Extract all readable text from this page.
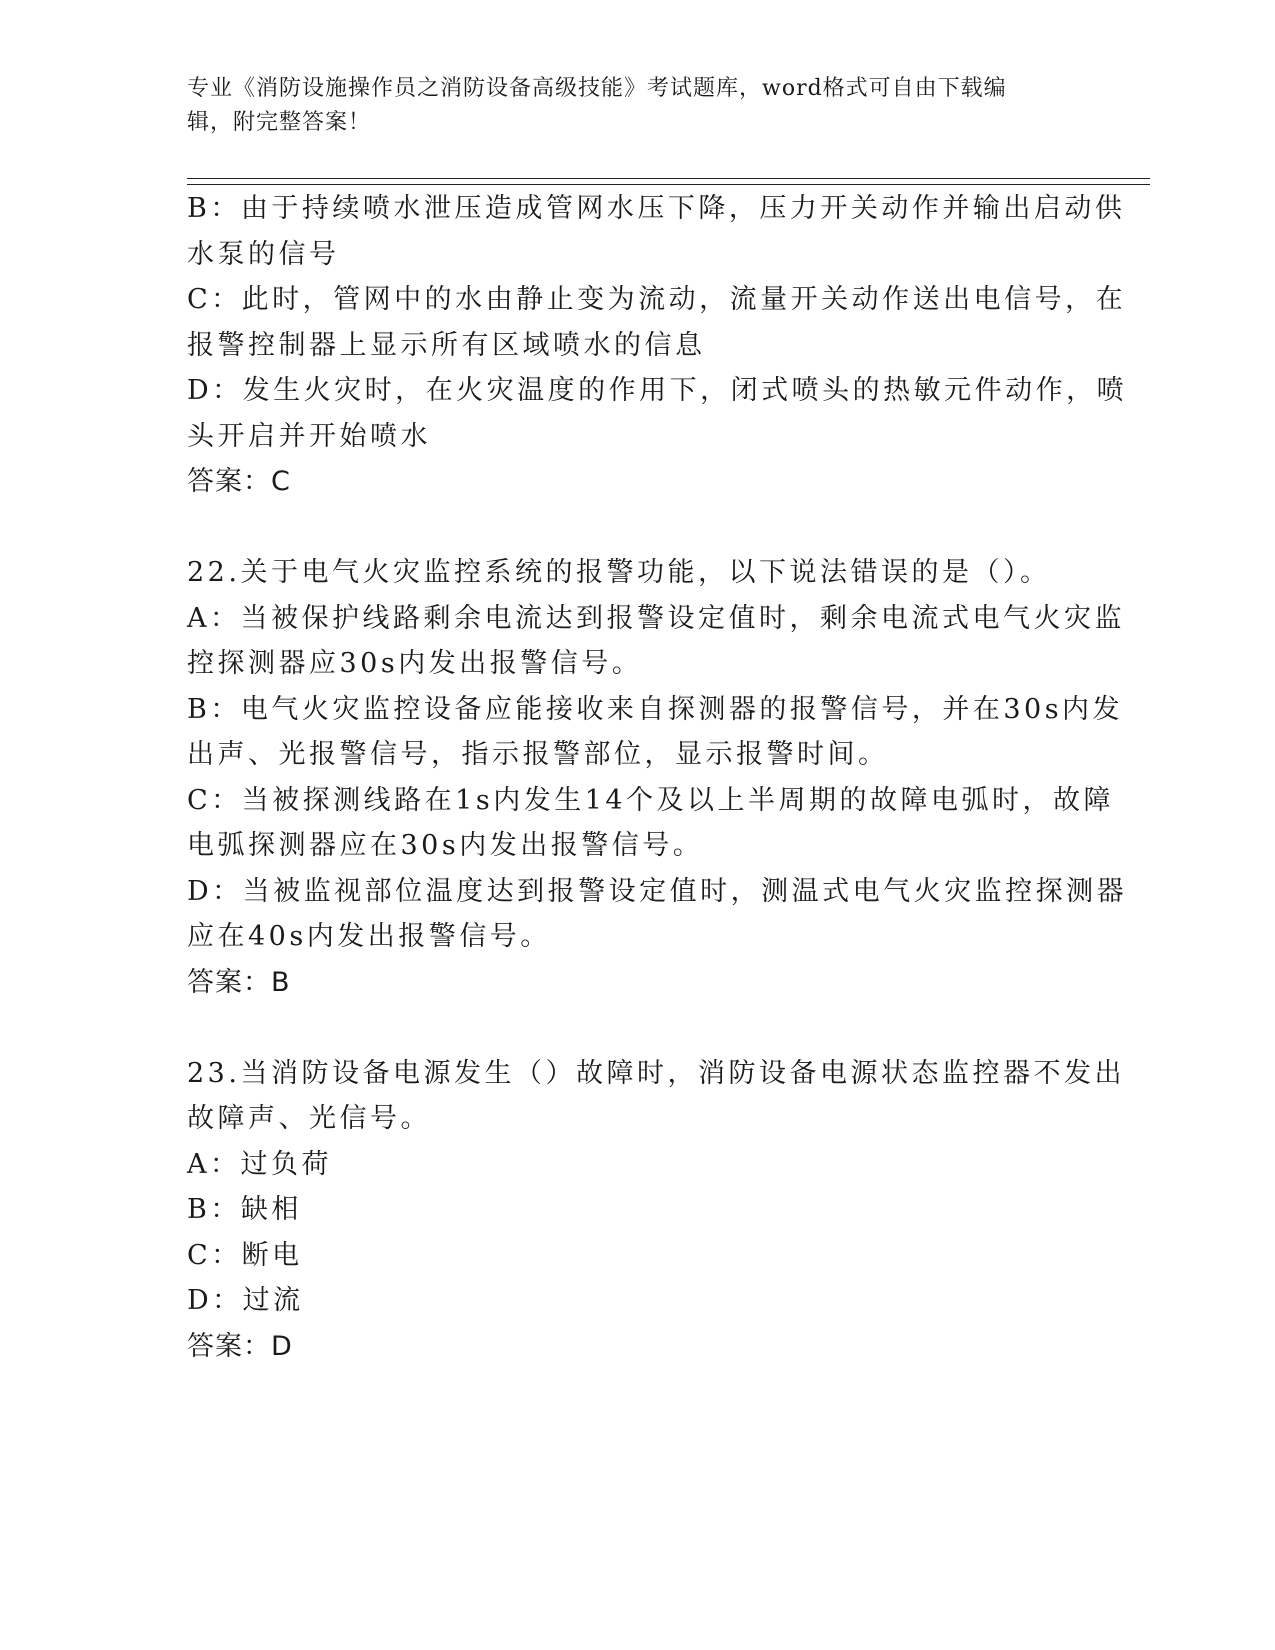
专业《消防设施操作员之消防设备高级技能》考试题库，word格式可自由下载编
辑，附完整答案！
B：由于持续喷水泄压造成管网水压下降，压力开关动作并输出启动供
水泵的信号
C：此时，管网中的水由静止变为流动，流量开关动作送出电信号，在
报警控制器上显示所有区域喷水的信息
D：发生火灾时，在火灾温度的作用下，闭式喷头的热敏元件动作，喷
头开启并开始喷水
答案：C
22.关于电气火灾监控系统的报警功能，以下说法错误的是（）。
A：当被保护线路剩余电流达到报警设定值时，剩余电流式电气火灾监
控探测器应30s内发出报警信号。
B：电气火灾监控设备应能接收来自探测器的报警信号，并在30s内发
出声、光报警信号，指示报警部位，显示报警时间。
C：当被探测线路在1s内发生14个及以上半周期的故障电弧时，故障
电弧探测器应在30s内发出报警信号。
D：当被监视部位温度达到报警设定值时，测温式电气火灾监控探测器
应在40s内发出报警信号。
答案：B
23.当消防设备电源发生（）故障时，消防设备电源状态监控器不发出
故障声、光信号。
A：过负荷
B：缺相
C：断电
D：过流
答案：D
